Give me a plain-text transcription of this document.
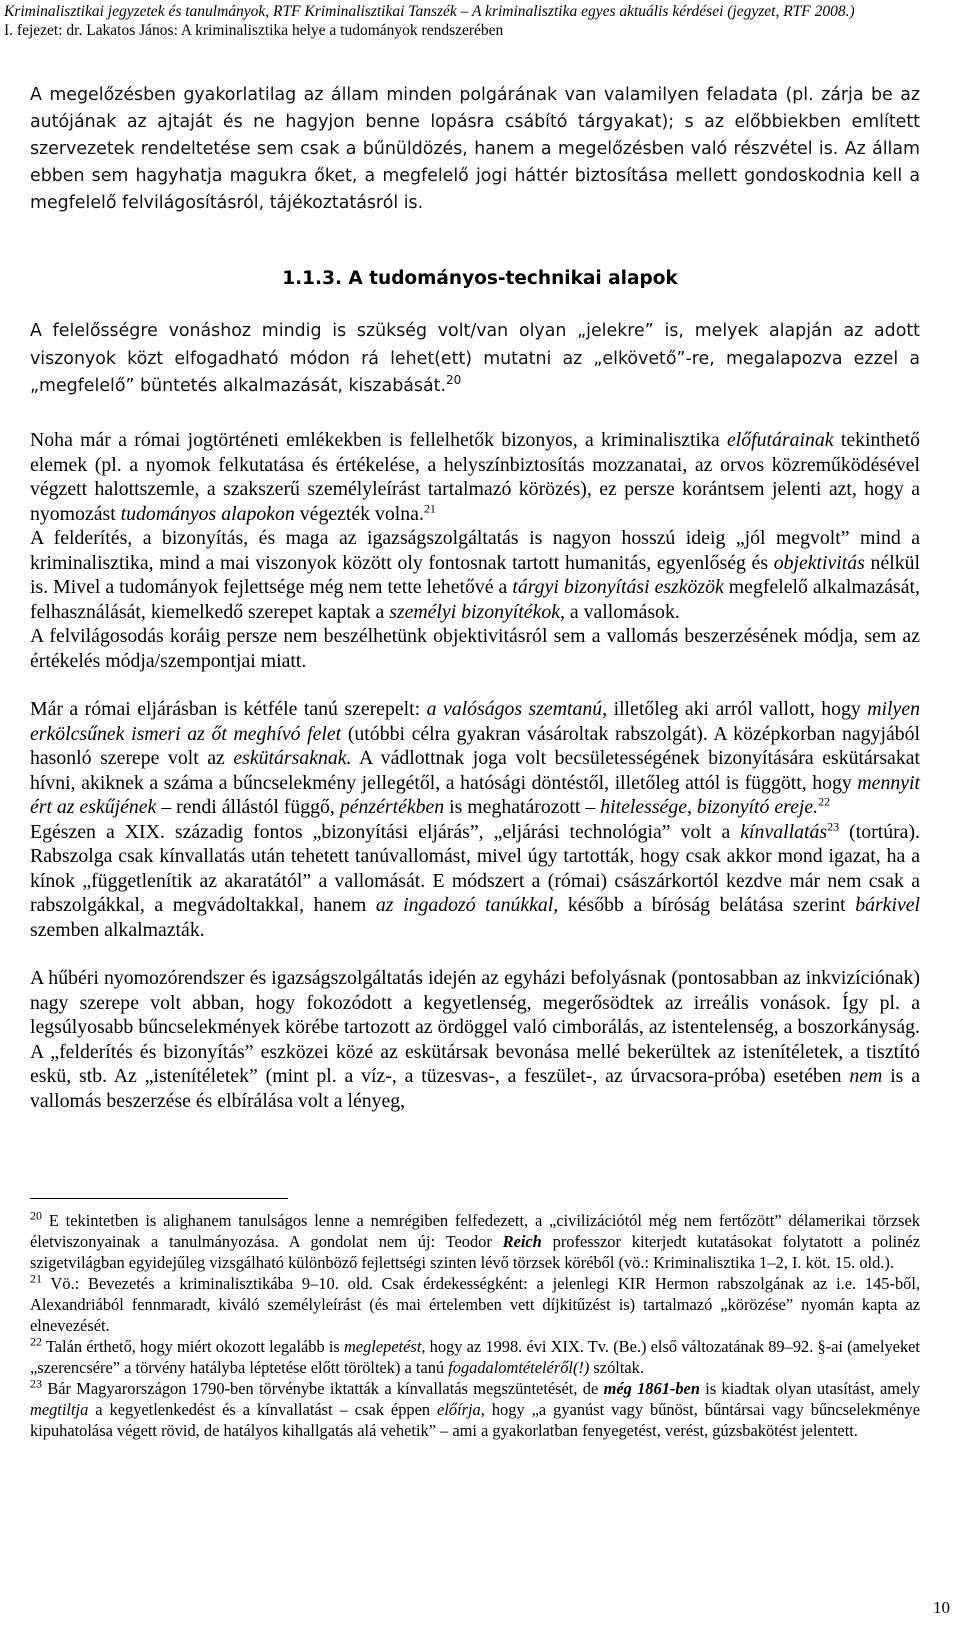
Kriminalisztikai jegyzetek és tanulmányok, RTF Kriminalisztikai Tanszék – A kriminalisztika egyes aktuális kérdései (jegyzet, RTF 2008.)
I. fejezet: dr. Lakatos János: A kriminalisztika helye a tudományok rendszerében

A megelőzésben gyakorlatilag az állam minden polgárának van valamilyen feladata (pl. zárja be az autójának az ajtaját és ne hagyjon benne lopásra csábító tárgyakat); s az előbbiekben említett szervezetek rendeltetése sem csak a bűnüldözés, hanem a megelőzésben való részvétel is. Az állam ebben sem hagyhatja magukra őket, a megfelelő jogi háttér biztosítása mellett gondoskodnia kell a megfelelő felvilágosításról, tájékoztatásról is.

1.1.3. A tudományos-technikai alapok

A felelősségre vonáshoz mindig is szükség volt/van olyan „jelekre” is, melyek alapján az adott viszonyok közt elfogadható módon rá lehet(ett) mutatni az „elkövető”-re, megalapozva ezzel a „megfelelő” büntetés alkalmazását, kiszabását.$^{20}$

Noha már a római jogtörténeti emlékekben is fellelhetők bizonyos, a kriminalisztika előfutárainak tekinthető elemek (pl. a nyomok felkutatása és értékelése, a helyszínbiztosítás mozzanatai, az orvos közreműködésével végzett halottszemle, a szakszerű személyleírást tartalmazó körözés), ez persze korántsem jelenti azt, hogy a nyomozást tudományos alapokon végezték volna.$^{21}$

A felderítés, a bizonyítás, és maga az igazságszolgáltatás is nagyon hosszú ideig „jól megvolt” mind a kriminalisztika, mind a mai viszonyok között oly fontosnak tartott humanitás, egyenlőség és objektivitás nélkül is. Mivel a tudományok fejlettsége még nem tette lehetővé a tárgyi bizonyítási eszközök megfelelő alkalmazását, felhasználását, kiemelkedő szerepet kaptak a személyi bizonyítékok, a vallomások.

A felvilágosodás koráig persze nem beszélhetünk objektivitásról sem a vallomás beszerzésének módja, sem az értékelés módja/szempontjai miatt.

Már a római eljárásban is kétféle tanú szerepelt: a valóságos szemtanú, illetőleg aki arról vallott, hogy milyen erkölcsűnek ismeri az őt meghívó felet (utóbbi célra gyakran vásároltak rabszolgát). A középkorban nagyjából hasonló szerepe volt az eskütársaknak. A vádlottnak joga volt becsületességének bizonyítására eskütársakat hívni, akiknek a száma a bűncselekmény jellegétől, a hatósági döntéstől, illetőleg attól is függött, hogy mennyit ért az eskűjének – rendi állástól függő, pénzértékben is meghatározott – hitelessége, bizonyító ereje.$^{22}$

Egészen a XIX. századig fontos „bizonyítási eljárás”, „eljárási technológia” volt a kínvallatás$^{23}$ (tortúra). Rabszolga csak kínvallatás után tehetett tanúvallomást, mivel úgy tartották, hogy csak akkor mond igazat, ha a kínok „függetlenítik az akaratától” a vallomását. E módszert a (római) császárkortól kezdve már nem csak a rabszolgákkal, a megvádoltakkal, hanem az ingadozó tanúkkal, később a bíróság belátása szerint bárkivel szemben alkalmazták.

A hűbéri nyomozórendszer és igazságszolgáltatás idején az egyházi befolyásnak (pontosabban az inkvizíciónak) nagy szerepe volt abban, hogy fokozódott a kegyetlenség, megerősödtek az irreális vonások. Így pl. a legsúlyosabb bűncselekmények körébe tartozott az ördöggel való cimborálás, az istentelenség, a boszorkányság. A „felderítés és bizonyítás” eszközei közé az eskütársak bevonása mellé bekerültek az istenítéletek, a tisztító eskü, stb. Az „istenítéletek” (mint pl. a víz-, a tüzesvas-, a feszület-, az úrvacsora-próba) esetében nem is a vallomás beszerzése és elbírálása volt a lényeg,

$^{20}$ E tekintetben is alighanem tanulságos lenne a nemrégiben felfedezett, a „civilizációtól még nem fertőzött” délamerikai törzsek életviszonyainak a tanulmányozása. A gondolat nem új: Teodor Reich professzor kiterjedt kutatásokat folytatott a polinéz szigetvilágban egyidejűleg vizsgálható különböző fejlettségi szinten lévő törzsek köréből (vö.: Kriminalisztika 1–2, I. köt. 15. old.).

$^{21}$ Vö.: Bevezetés a kriminalisztikába 9–10. old. Csak érdekességként: a jelenlegi KIR Hermon rabszolgának az i.e. 145-ből, Alexandriából fennmaradt, kiváló személyleírást (és mai értelemben vett díjkitűzést is) tartalmazó „körözése” nyomán kapta az elnevezését.

$^{22}$ Talán érthető, hogy miért okozott legalább is meglepetést, hogy az 1998. évi XIX. Tv. (Be.) első változatának 89–92. §-ai (amelyeket „szerencsére” a törvény hatályba léptetése előtt töröltek) a tanú fogadalomtételéről(!) szóltak.

$^{23}$ Bár Magyarországon 1790-ben törvénybe iktatták a kínvallatás megszüntetését, de még 1861-ben is kiadtak olyan utasítást, amely megtiltja a kegyetlenkedést és a kínvallatást – csak éppen előírja, hogy „a gyanúst vagy bűnöst, bűntársai vagy bűncselekménye kipuhatolása végett rövid, de hatályos kihallgatás alá vehetik” – ami a gyakorlatban fenyegetést, verést, gúzsbakötést jelentett.

10
